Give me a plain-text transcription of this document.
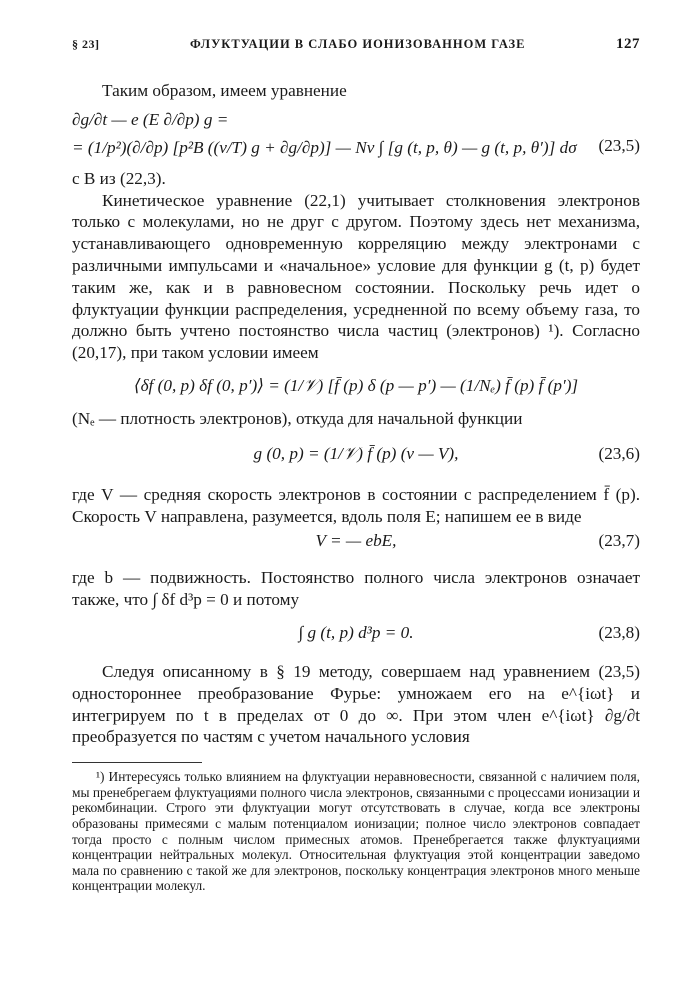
§ 23]	ФЛУКТУАЦИИ В СЛАБО ИОНИЗОВАННОМ ГАЗЕ	127

Таким образом, имеем уравнение

∂g/∂t — e (E ∂/∂p) g =
= (1/p²)(∂/∂p) [p²B ((v/T) g + ∂g/∂p)] — Nv ∫ [g (t, p, θ) — g (t, p, θ′)] dσ (23,5)

с B из (22,3).

Кинетическое уравнение (22,1) учитывает столкновения электронов только с молекулами, но не друг с другом. Поэтому здесь нет механизма, устанавливающего одновременную корреляцию между электронами с различными импульсами и «начальное» условие для функции g (t, p) будет таким же, как и в равновесном состоянии. Поскольку речь идет о флуктуации функции распределения, усредненной по всему объему газа, то должно быть учтено постоянство числа частиц (электронов) ¹). Согласно (20,17), при таком условии имеем

⟨δf (0, p) δf (0, p′)⟩ = (1/𝒱) [f̄ (p) δ (p — p′) — (1/Nₑ) f̄ (p) f̄ (p′)]

(Nₑ — плотность электронов), откуда для начальной функции

g (0, p) = (1/𝒱) f̄ (p) (v — V),	(23,6)

где V — средняя скорость электронов в состоянии с распределением f̄ (p). Скорость V направлена, разумеется, вдоль поля E; напишем ее в виде

V = — ebE,	(23,7)

где b — подвижность. Постоянство полного числа электронов означает также, что ∫ δf d³p = 0 и потому

∫ g (t, p) d³p = 0.	(23,8)

Следуя описанному в § 19 методу, совершаем над уравнением (23,5) одностороннее преобразование Фурье: умножаем его на e^{iωt} и интегрируем по t в пределах от 0 до ∞. При этом член e^{iωt} ∂g/∂t преобразуется по частям с учетом начального условия

¹) Интересуясь только влиянием на флуктуации неравновесности, связанной с наличием поля, мы пренебрегаем флуктуациями полного числа электронов, связанными с процессами ионизации и рекомбинации. Строго эти флуктуации могут отсутствовать в случае, когда все электроны образованы примесями с малым потенциалом ионизации; полное число электронов совпадает тогда просто с полным числом примесных атомов. Пренебрегается также флуктуациями концентрации нейтральных молекул. Относительная флуктуация этой концентрации заведомо мала по сравнению с такой же для электронов, поскольку концентрация электронов много меньше концентрации молекул.
